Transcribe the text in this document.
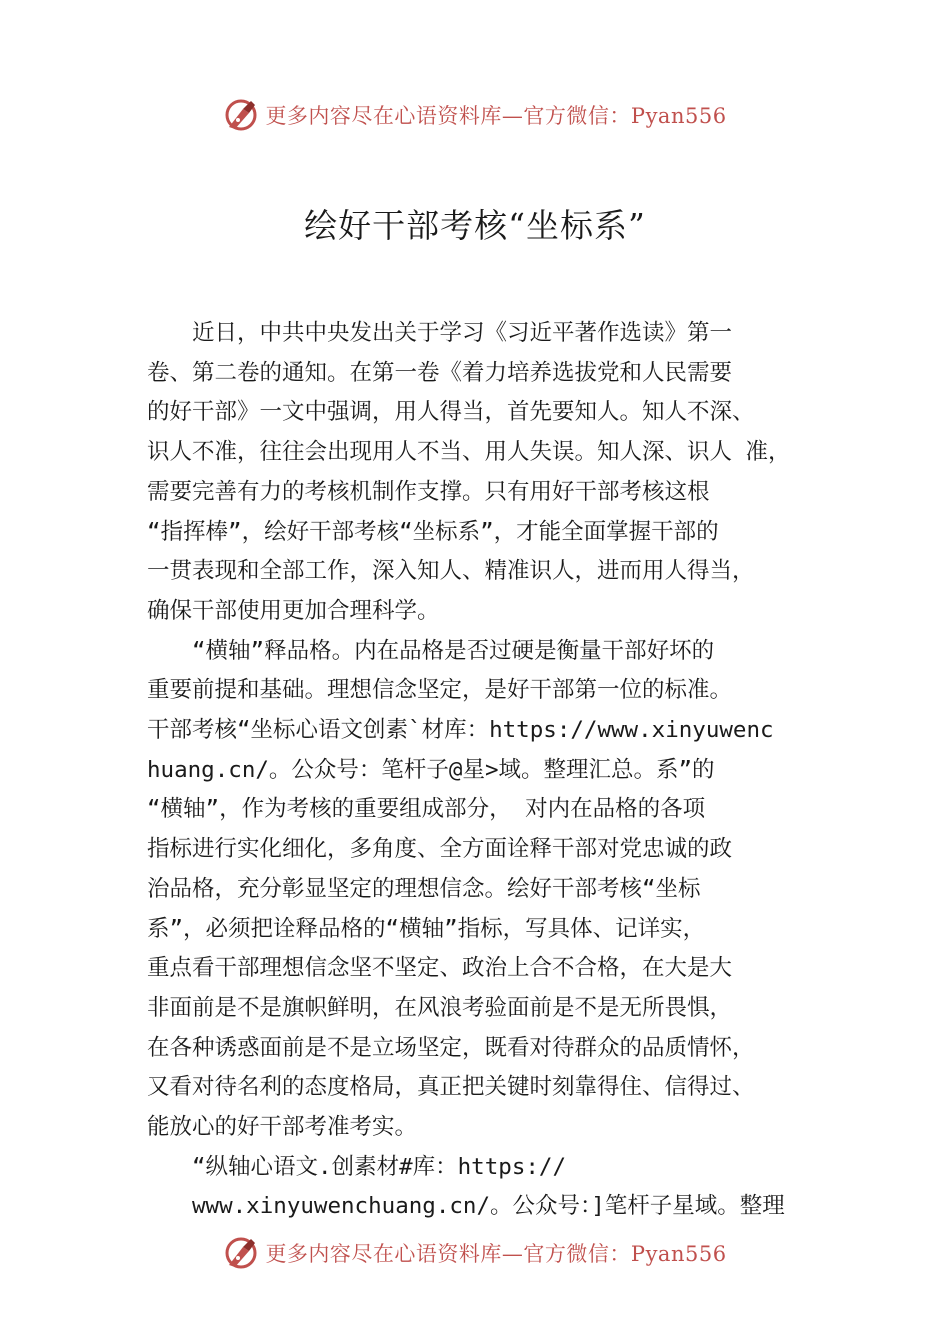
更多内容尽在心语资料库—官方微信：Pyan556
绘好干部考核“坐标系”
　　近日，中共中央发出关于学习《习近平著作选读》第一
卷、第二卷的通知。在第一卷《着力培养选拔党和人民需要
的好干部》一文中强调，用人得当，首先要知人。知人不深、
识人不准，往往会出现用人不当、用人失误。知人深、识人 准，
需要完善有力的考核机制作支撑。只有用好干部考核这根
“指挥棒”，绘好干部考核“坐标系”，才能全面掌握干部的
一贯表现和全部工作，深入知人、精准识人，进而用人得当，
确保干部使用更加合理科学。
　　“横轴”释品格。内在品格是否过硬是衡量干部好坏的
重要前提和基础。理想信念坚定，是好干部第一位的标准。
干部考核“坐标心语文创素`材库：https://www.xinyuwenc
huang.cn/。公众号：笔杆子@星>域。整理汇总。系”的
“横轴”，作为考核的重要组成部分， 对内在品格的各项
指标进行实化细化，多角度、全方面诠释干部对党忠诚的政
治品格，充分彰显坚定的理想信念。绘好干部考核“坐标
系”，必须把诠释品格的“横轴”指标，写具体、记详实，
重点看干部理想信念坚不坚定、政治上合不合格，在大是大
非面前是不是旗帜鲜明，在风浪考验面前是不是无所畏惧，
在各种诱惑面前是不是立场坚定，既看对待群众的品质情怀，
又看对待名利的态度格局，真正把关键时刻靠得住、信得过、
能放心的好干部考准考实。
　　“纵轴心语文.创素材#库：https://
　　www.xinyuwenchuang.cn/。公众号：]笔杆子星域。整理
更多内容尽在心语资料库—官方微信：Pyan556
